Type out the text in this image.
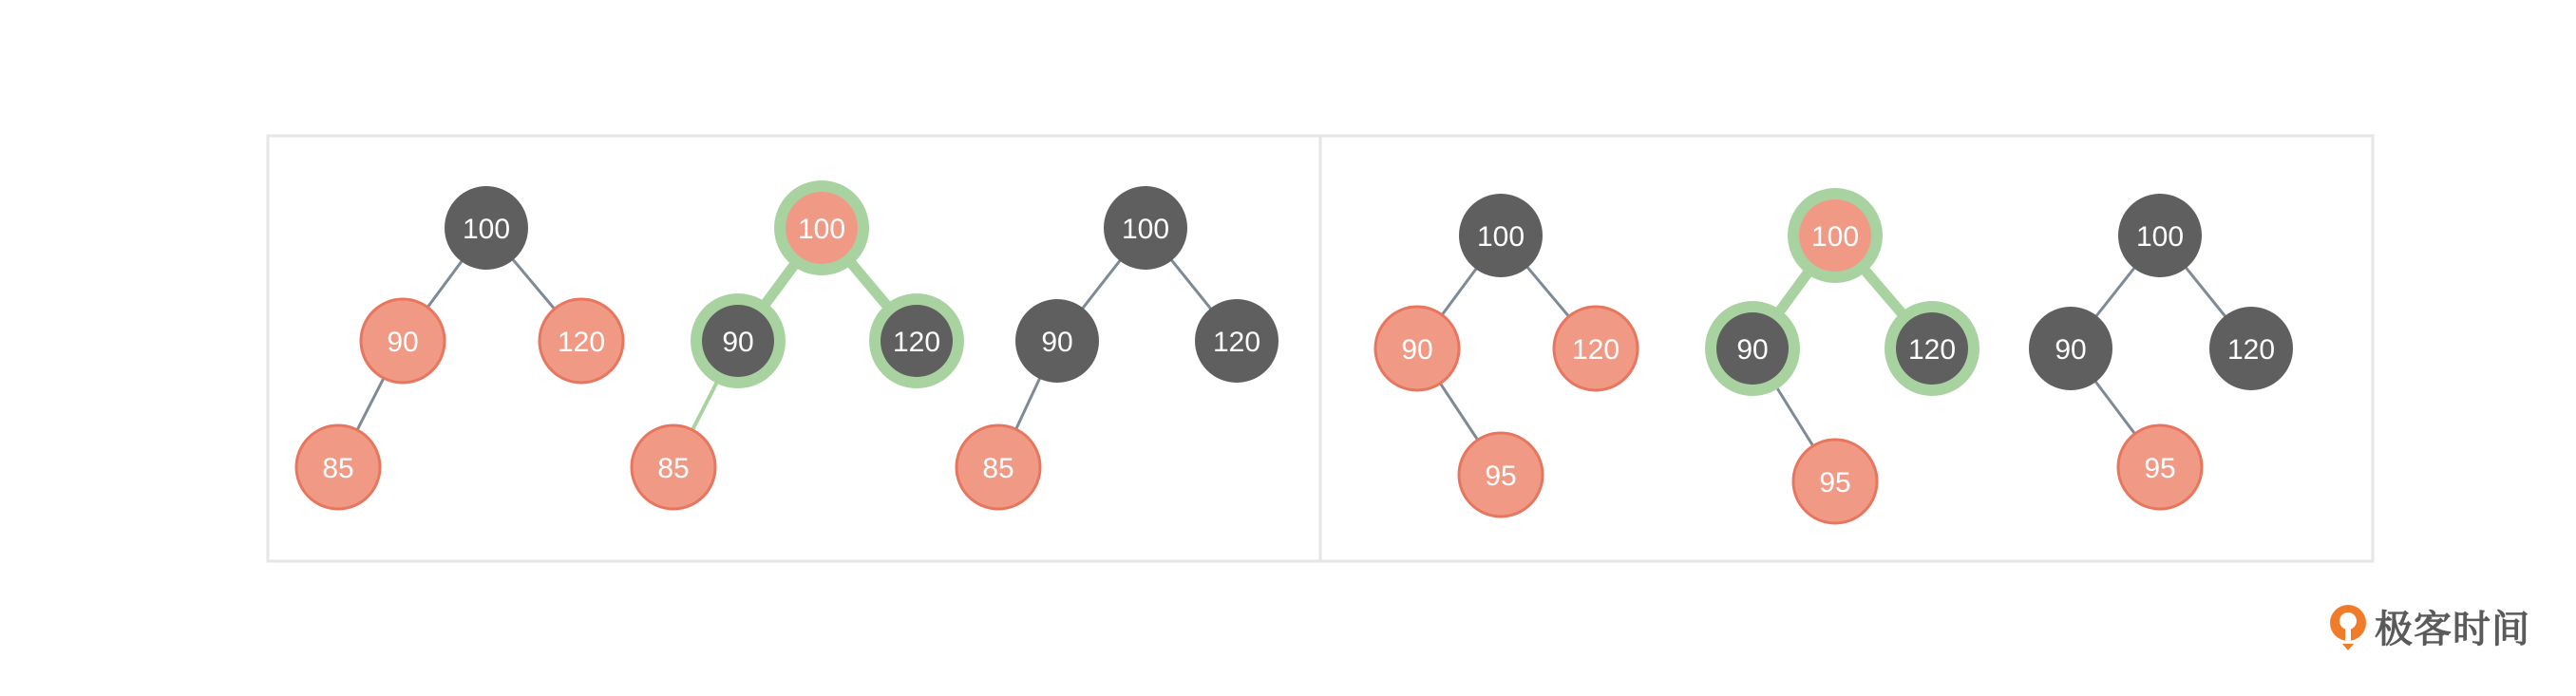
100
90	120
85
100
90	120
85
100
90	120
85
100
90	120
95
100
90	120
95
100
90	120
95
极客时间
